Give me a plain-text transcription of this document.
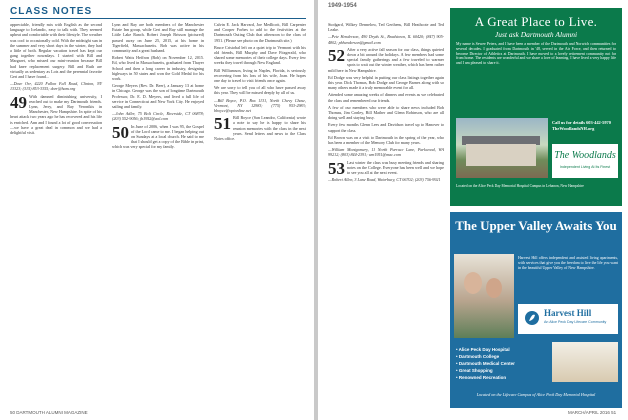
CLASS NOTES

appreciable, friendly mix with English as the second language to Icelandic, easy to talk with. They seemed upbeat and comfortable with their lifestyle. The weather was cool to occasionally cold. With the midnight sun in the summer and very short days in the winter, they had a little of both. Regular vacation travel has kept our gang together nowadays. I started with Bill and Margaret, who missed our mini-reunion because Bill had knee replacement surgery. Bill and Ruth are virtually as sedentary as Lois and the perennial favorite Geri and I have found...

—Dave Orr, 4220 Fallon Fall Road, Clinton, NY 13323; (315) 853-3355; dorr@ham.org

49 With damned diminishing university, I reached out to make my Dartmouth friends. Lynn, Jerry, and Ray Veronikis in Manchester, New Hampshire. In spite of his heart attack two years ago he has recovered and his life is enriched. Ann and I found a lot of good conversation—we have a great deal in common and we had a delightful visit.

Lynn and Ray are both members of the Manchester Estate Inn group, while Geri and Ray still manage the Little Lake Ranch. Robert Joseph Brisson (pictured) passed away on June 25, 2015, at his home in Tigerfield, Massachusetts. Bob was active in his community and a great husband.

Robert Watts Heffron (Bob) on November 12, 2015. Ed, who lived in Massachusetts, graduated from Thayer School and then a long career in industry, designing highways in 50 states and won the Gold Medal for his work.

George Meyers (Rev. Dr. Beer), a January 13 at home in Chicago. George was the son of longtime Dartmouth Professor, Dr. E. D. Meyers, and lived a full life of service in Connecticut and New York City. He enjoyed sailing and family.

—John Adler, 75 Bolt Circle, Riverside, CT 06878; (203) 552-9056; jb1952@aol.com

50 In June of 2006, when I was 95, the Gospel of the Lord came to me. I began helping out on Sundays at a local church. He said to me that I should get a copy of the Bible in print, which was very special for my family.

Calvin E. Jack Harvard, Joe Medlicott, Bill Carpenter and Cooper Forbes to add to the festivities at the Dartmouth Outing Club that afternoon to the class of 1951. (Please see photo on the Dartmouth site.)

Bruce Cristobal left on a quiet trip to Vermont with his old friends, Bill Murphy and Dave Fitzgerald, who shared some memories of their college days. Every few weeks they travel through New England.

Bill Williamson, living in Naples, Florida, is seriously recovering from his loss of his wife, Joan. He hopes one day to travel to visit friends once again.

We are sorry to tell you of all who have passed away this year. They will be missed deeply by all of us.

—Bill Boyce, P.O. Box 1131, North Chevy Chase, Vermont, NY 12983; (775) 953-2983; bboyce@optonline.net

51 Bill Boyce (San Leandro, California) wrote a note to say he is happy to share his reunion memories with the class in the next years. Send letters and news to the Class Notes office.

50 DARTMOUTH ALUMNI MAGAZINE
1949-1954

Stodgard, Wilkey Dennelow, Ted Gerthens, Bill Heathcote and Ted Leake.

—Pete Henderson, 490 Dryds St., Bradstown, IL 60420; (847) 905-4802; pbhenderson@gmail.com

52 After a very active fall season for our class, things quieted down a bit around the holidays. A few members had some special family gatherings and a few traveled to warmer spots to wait out the winter weather, which has been rather mild here in New Hampshire.

Ed Dodge was very helpful in putting our class listings together again this year. Dick Thomas, Bob Dodge and George Barnes along with so many others made it a truly memorable event for all.

Attended some amazing weeks of dinners and events as we celebrated the class and remembered our friends.

A few of our members who were able to share news included Bob Thomas, Jim Conley, Bill Mather and Glenn Robinson, who are all doing well and staying busy.

Every few months Glenn Lees and Davidson travel up to Hanover to support the class.

Ed Brown was on a visit to Dartmouth in the spring of the year, who has been a member of the Memory Club for many years.

—William Montgomery, 11 North Purrace Lane, Parkwood, WA 99212; (803) 844-2391; wm1951@mac.com

53 Last winter the class was busy meeting friends and sharing notes on the College. Everyone has been well and we hope to see you all at the next event.

—Robert Allen, 3 Lane Road, Waterbury, CT 06702; (203) 756-9921

A Great Place to Live.
Just ask Dartmouth Alumni
My name is Sewee Peters, and I have been a member of the Dartmouth and Norwich communities for several decades. I graduated from Dartmouth in '48, served in the Air Force, and then returned to become Director of Athletics at Dartmouth. I have moved to a lovely retirement community not far from home. The residents are wonderful and we share a love of learning. I have lived a very happy life and I am pleased to share it.
Call us for details 603-442-5970 TheWoodlandsNH.org
The Woodlands
Independent Living At Its Finest
Located on the Alice Peck Day Memorial Hospital Campus in Lebanon, New Hampshire
The Upper Valley Awaits You
Harvest Hill offers independent and assisted living apartments, with services that give you the freedom to live the life you want in the beautiful Upper Valley of New Hampshire.
Harvest Hill
An Alice Peck Day Lifecare Community
• Alice Peck Day Hospital
• Dartmouth College
• Dartmouth Medical Center
• Great Shopping
• Renowned Recreation
Located on the Lifecare Campus of Alice Peck Day Memorial Hospital
MARCH/APRIL 2016 51
